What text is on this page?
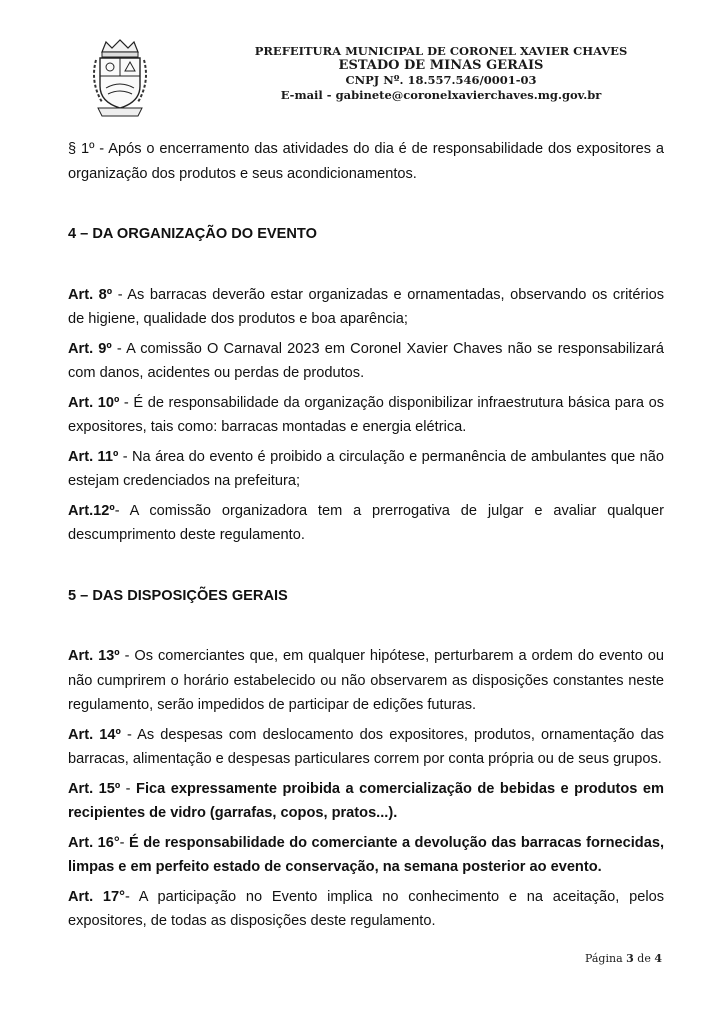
PREFEITURA MUNICIPAL DE CORONEL XAVIER CHAVES
ESTADO DE MINAS GERAIS
CNPJ Nº. 18.557.546/0001-03
E-mail - gabinete@coronelxavierchaves.mg.gov.br

§ 1º - Após o encerramento das atividades do dia é de responsabilidade dos expositores a organização dos produtos e seus acondicionamentos.

4 – DA ORGANIZAÇÃO DO EVENTO

Art. 8º - As barracas deverão estar organizadas e ornamentadas, observando os critérios de higiene, qualidade dos produtos e boa aparência;

Art. 9º - A comissão O Carnaval 2023 em Coronel Xavier Chaves não se responsabilizará com danos, acidentes ou perdas de produtos.

Art. 10º - É de responsabilidade da organização disponibilizar infraestrutura básica para os expositores, tais como: barracas montadas e energia elétrica.

Art. 11º - Na área do evento é proibido a circulação e permanência de ambulantes que não estejam credenciados na prefeitura;

Art.12º- A comissão organizadora tem a prerrogativa de julgar e avaliar qualquer descumprimento deste regulamento.

5 – DAS DISPOSIÇÕES GERAIS

Art. 13º - Os comerciantes que, em qualquer hipótese, perturbarem a ordem do evento ou não cumprirem o horário estabelecido ou não observarem as disposições constantes neste regulamento, serão impedidos de participar de edições futuras.

Art. 14º - As despesas com deslocamento dos expositores, produtos, ornamentação das barracas, alimentação e despesas particulares correm por conta própria ou de seus grupos.

Art. 15º - Fica expressamente proibida a comercialização de bebidas e produtos em recipientes de vidro (garrafas, copos, pratos...).

Art. 16°- É de responsabilidade do comerciante a devolução das barracas fornecidas, limpas e em perfeito estado de conservação, na semana posterior ao evento.

Art. 17°- A participação no Evento implica no conhecimento e na aceitação, pelos expositores, de todas as disposições deste regulamento.

Página 3 de 4
